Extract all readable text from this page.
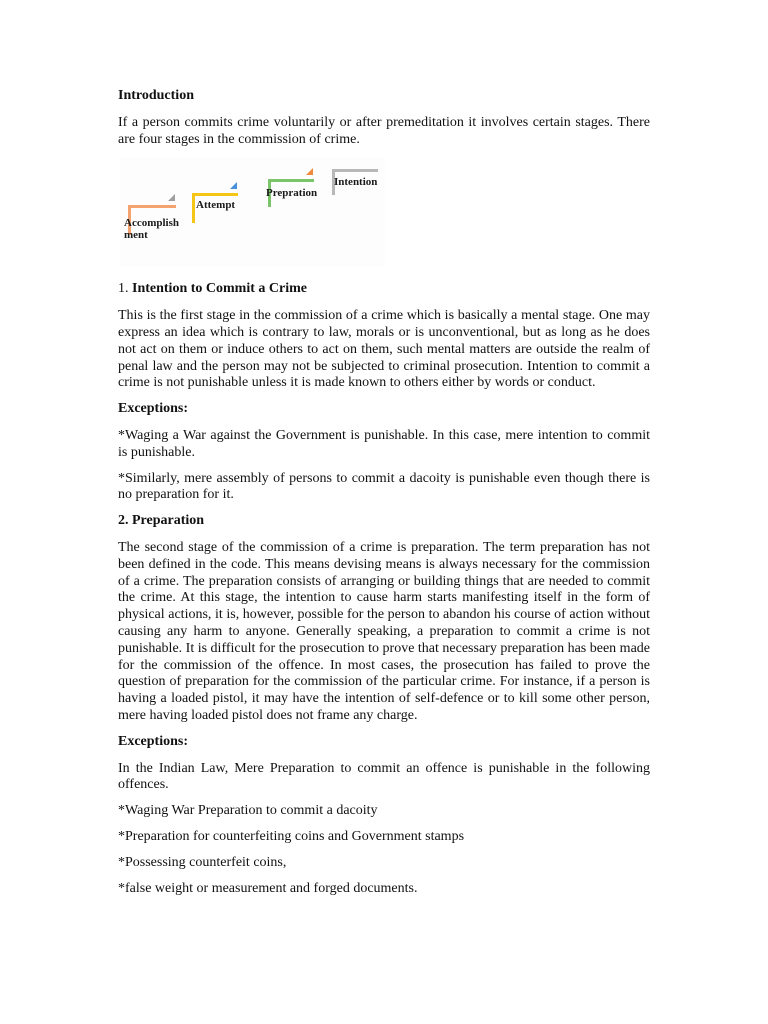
Introduction

If a person commits crime voluntarily or after premeditation it involves certain stages. There are four stages in the commission of crime.

Accomplish ment
Attempt
Prepration
Intention
1. Intention to Commit a Crime

This is the first stage in the commission of a crime which is basically a mental stage. One may express an idea which is contrary to law, morals or is unconventional, but as long as he does not act on them or induce others to act on them, such mental matters are outside the realm of penal law and the person may not be subjected to criminal prosecution. Intention to commit a crime is not punishable unless it is made known to others either by words or conduct.

Exceptions:

*Waging a War against the Government is punishable. In this case, mere intention to commit is punishable.

*Similarly, mere assembly of persons to commit a dacoity is punishable even though there is no preparation for it.

2. Preparation

The second stage of the commission of a crime is preparation. The term preparation has not been defined in the code. This means devising means is always necessary for the commission of a crime. The preparation consists of arranging or building things that are needed to commit the crime. At this stage, the intention to cause harm starts manifesting itself in the form of physical actions, it is, however, possible for the person to abandon his course of action without causing any harm to anyone. Generally speaking, a preparation to commit a crime is not punishable. It is difficult for the prosecution to prove that necessary preparation has been made for the commission of the offence. In most cases, the prosecution has failed to prove the question of preparation for the commission of the particular crime. For instance, if a person is having a loaded pistol, it may have the intention of self-defence or to kill some other person, mere having loaded pistol does not frame any charge.

Exceptions:

In the Indian Law, Mere Preparation to commit an offence is punishable in the following offences.

*Waging War Preparation to commit a dacoity

*Preparation for counterfeiting coins and Government stamps

*Possessing counterfeit coins,

*false weight or measurement and forged documents.
